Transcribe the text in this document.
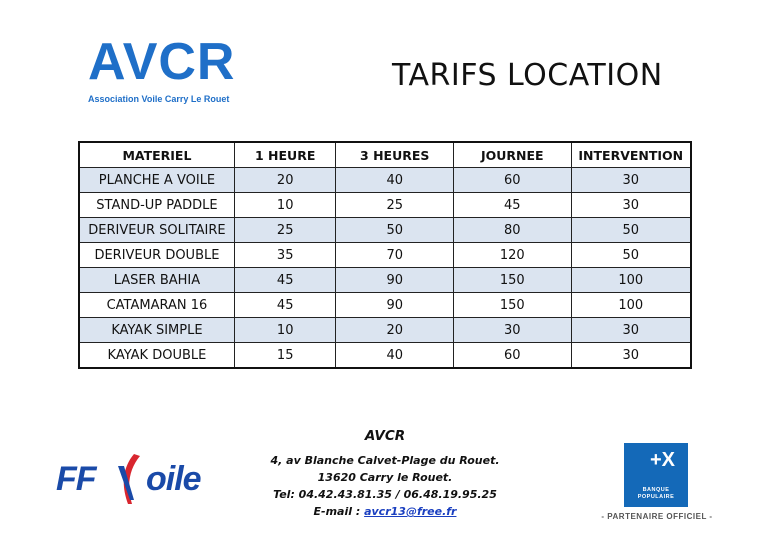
AVCR
Association Voile Carry Le Rouet
TARIFS LOCATION
MATERIEL	1 HEURE	3 HEURES	JOURNEE	INTERVENTION
PLANCHE A VOILE	20	40	60	30
STAND-UP PADDLE	10	25	45	30
DERIVEUR SOLITAIRE	25	50	80	50
DERIVEUR DOUBLE	35	70	120	50
LASER BAHIA	45	90	150	100
CATAMARAN 16	45	90	150	100
KAYAK SIMPLE	10	20	30	30
KAYAK DOUBLE	15	40	60	30
FF oile
AVCR
4, av Blanche Calvet-Plage du Rouet.
13620 Carry le Rouet.
Tel: 04.42.43.81.35 / 06.48.19.95.25
E-mail : avcr13@free.fr
+X
BANQUE
POPULAIRE
- PARTENAIRE OFFICIEL -
